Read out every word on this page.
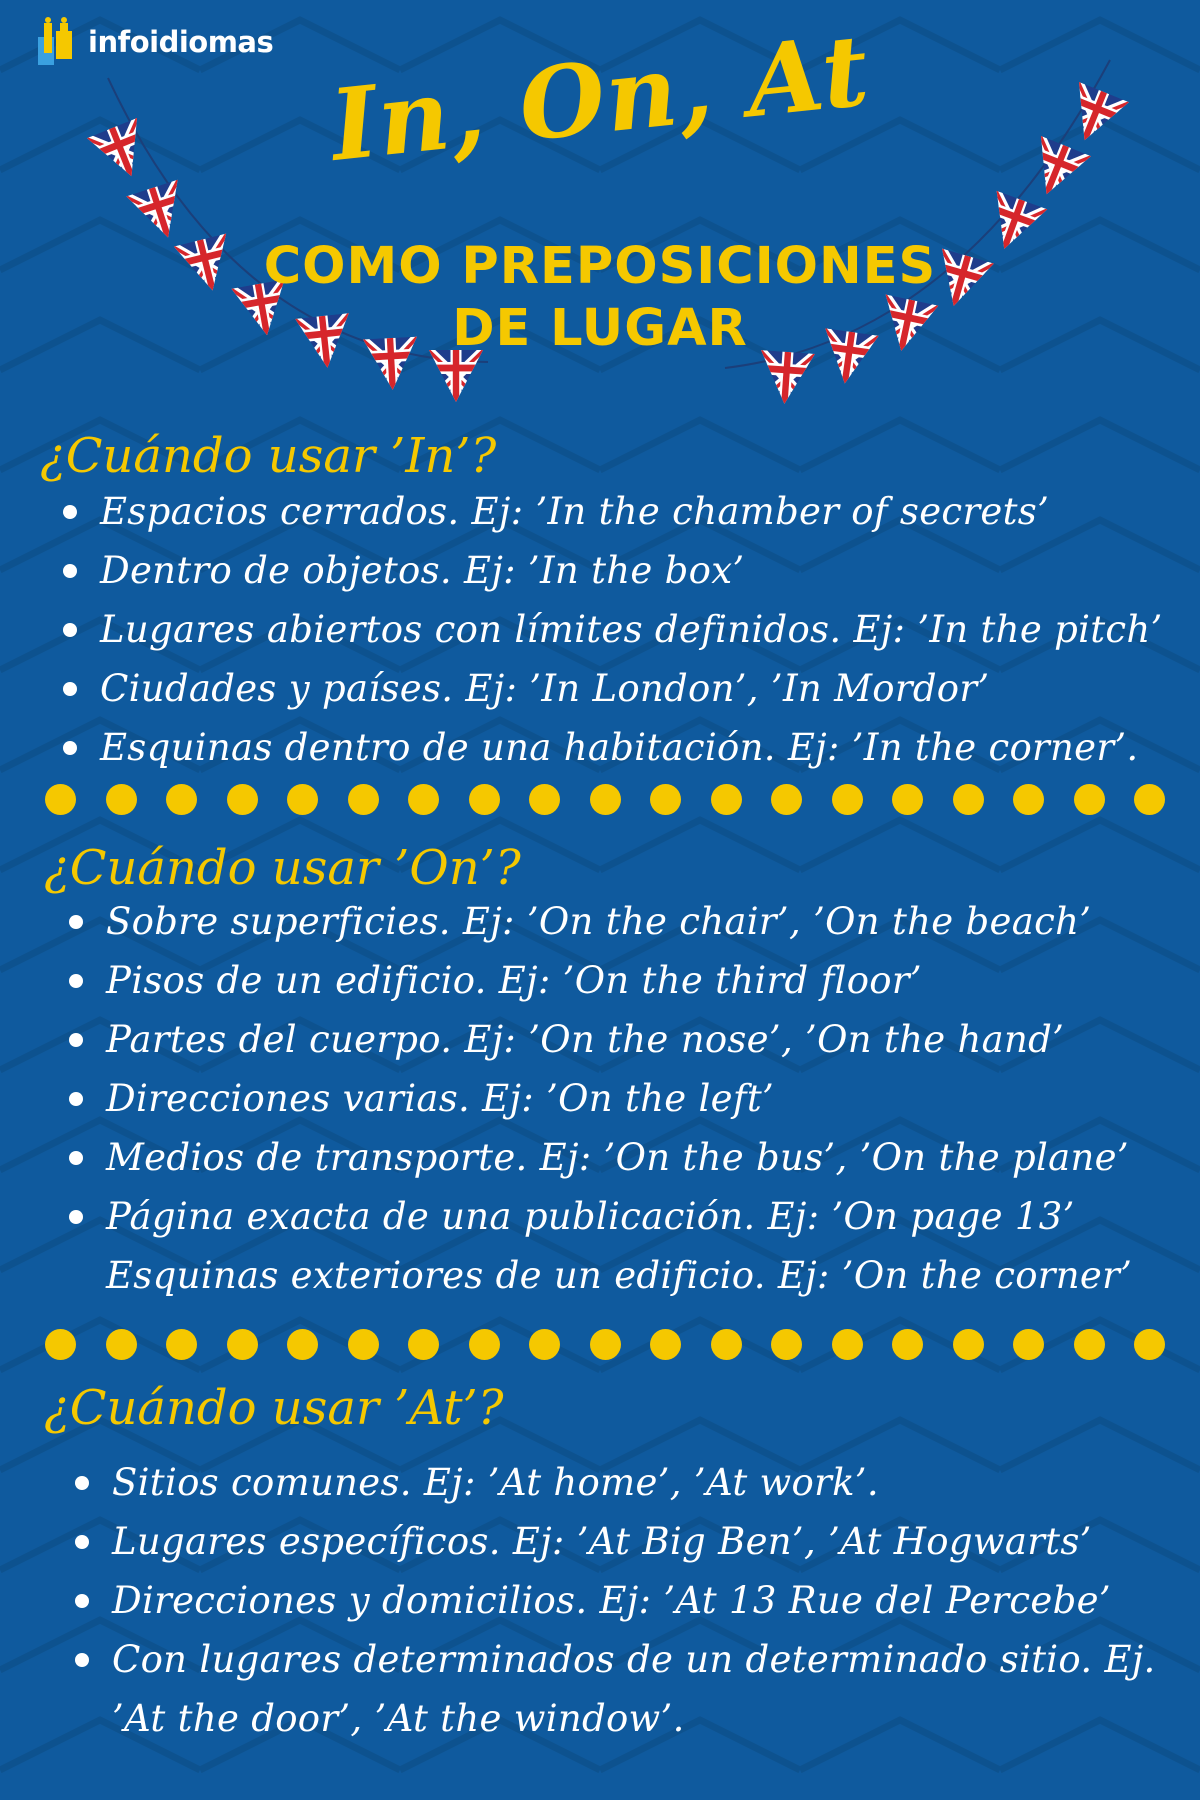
infoidiomas In, On, At
COMO PREPOSICIONES
DE LUGAR
¿Cuándo usar ’In’?
Espacios cerrados. Ej: ’In the chamber of secrets’
Dentro de objetos. Ej: ’In the box’
Lugares abiertos con límites definidos. Ej: ’In the pitch’
Ciudades y países. Ej: ’In London’, ’In Mordor’
Esquinas dentro de una habitación. Ej: ’In the corner’.
¿Cuándo usar ’On’?
Sobre superficies. Ej: ’On the chair’, ’On the beach’
Pisos de un edificio. Ej: ’On the third floor’
Partes del cuerpo. Ej: ’On the nose’, ’On the hand’
Direcciones varias. Ej: ’On the left’
Medios de transporte. Ej: ’On the bus’, ’On the plane’
Página exacta de una publicación. Ej: ’On page 13’
Esquinas exteriores de un edificio. Ej: ’On the corner’
¿Cuándo usar ’At’?
Sitios comunes. Ej: ’At home’, ’At work’.
Lugares específicos. Ej: ’At Big Ben’, ’At Hogwarts’
Direcciones y domicilios. Ej: ’At 13 Rue del Percebe’
Con lugares determinados de un determinado sitio. Ej.
’At the door’, ’At the window’.
